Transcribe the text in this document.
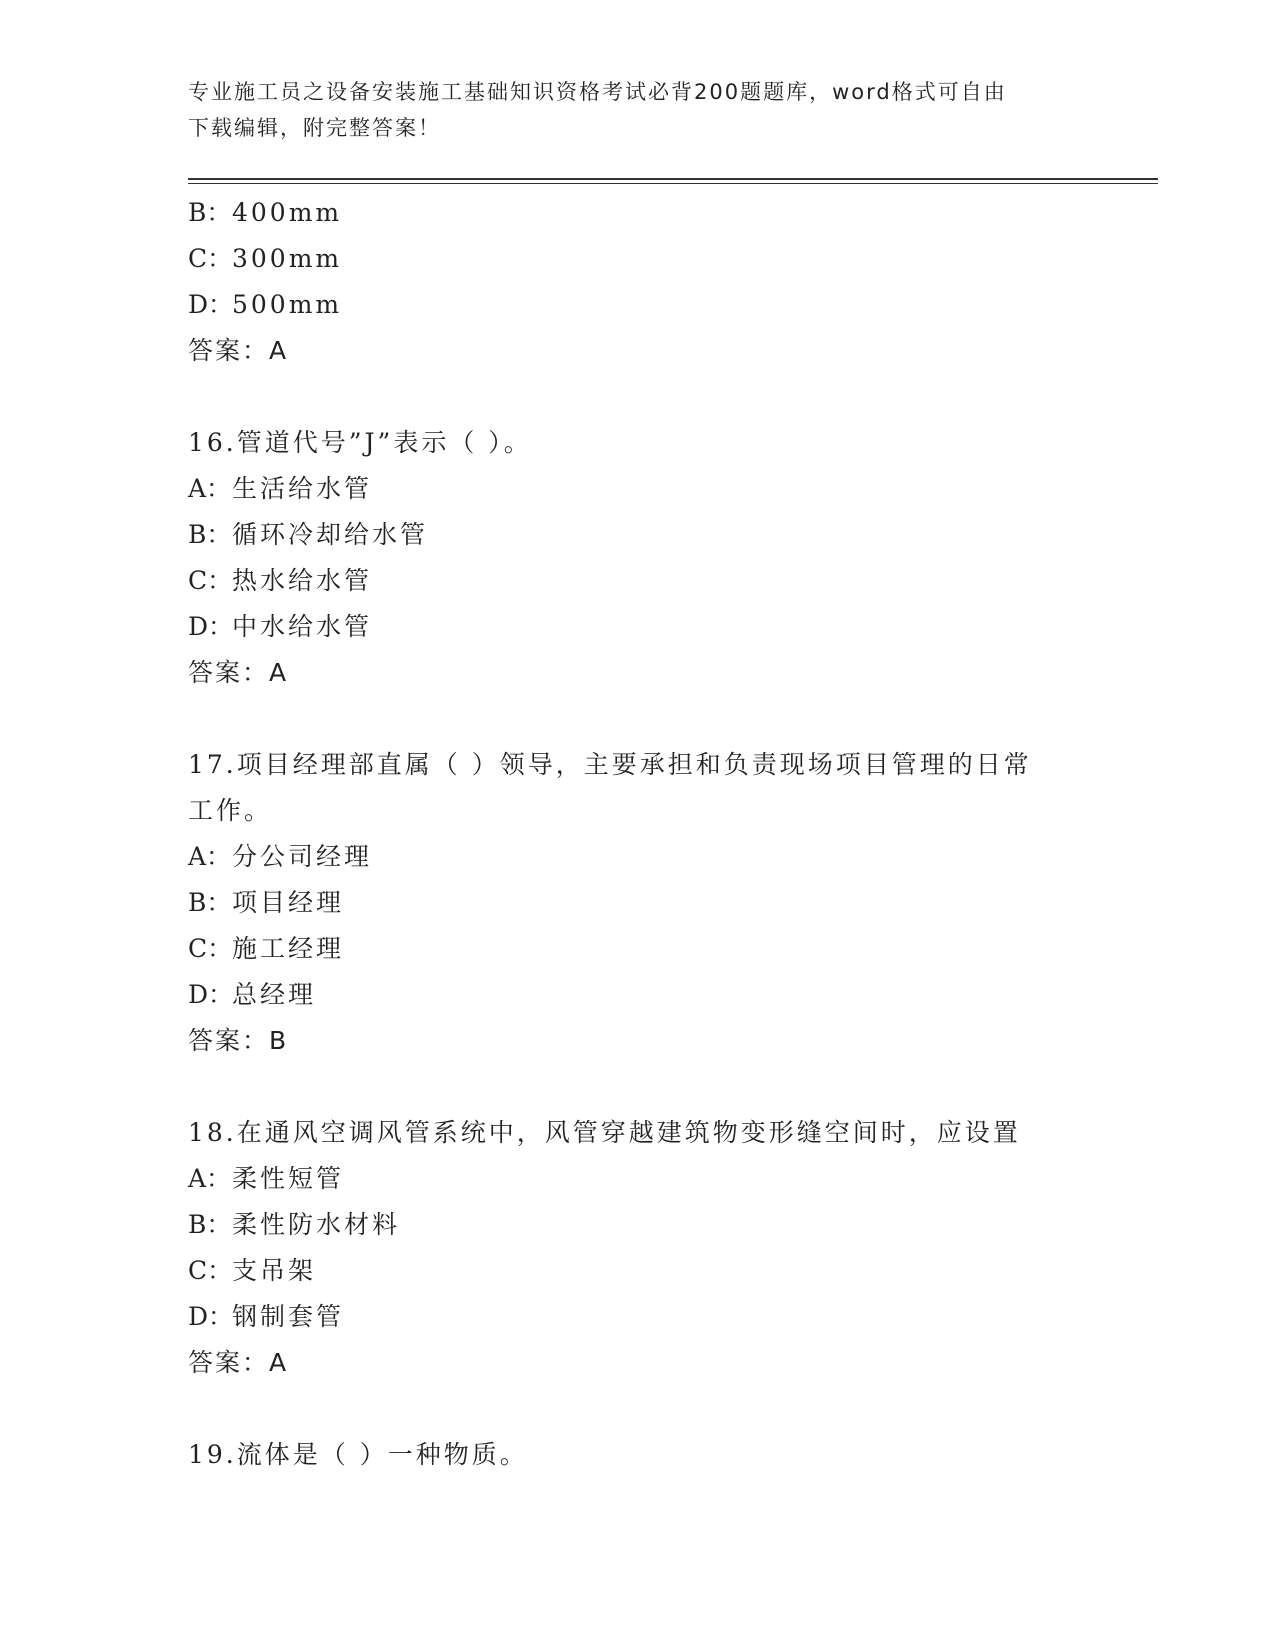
专业施工员之设备安装施工基础知识资格考试必背200题题库，word格式可自由
下载编辑，附完整答案！
B：400mm
C：300mm
D：500mm
答案：A
16.管道代号”J”表示（ ）。
A：生活给水管
B：循环冷却给水管
C：热水给水管
D：中水给水管
答案：A
17.项目经理部直属（ ）领导，主要承担和负责现场项目管理的日常
工作。
A：分公司经理
B：项目经理
C：施工经理
D：总经理
答案：B
18.在通风空调风管系统中，风管穿越建筑物变形缝空间时，应设置
A：柔性短管
B：柔性防水材料
C：支吊架
D：钢制套管
答案：A
19.流体是（ ）一种物质。
